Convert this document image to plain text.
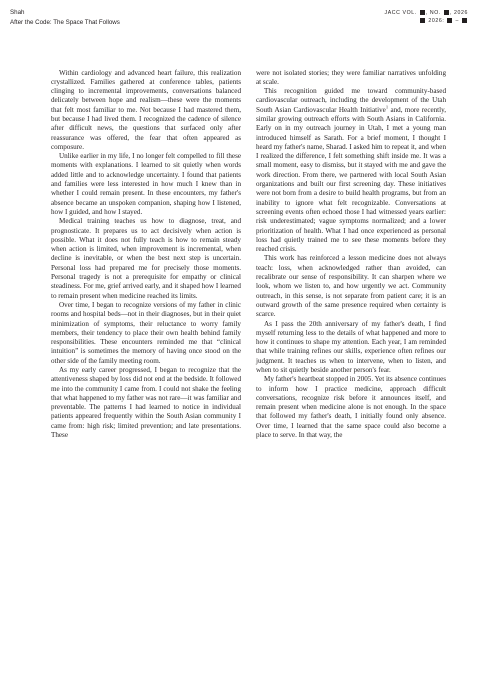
Shah
After the Code: The Space That Follows
JACC VOL. , NO. , 2026
2026:  –

Within cardiology and advanced heart failure, this realization crystallized. Families gathered at conference tables, patients clinging to incremental improvements, conversations balanced delicately between hope and realism—these were the moments that felt most familiar to me. Not because I had mastered them, but because I had lived them. I recognized the cadence of silence after difficult news, the questions that surfaced only after reassurance was offered, the fear that often appeared as composure.

Unlike earlier in my life, I no longer felt compelled to fill these moments with explanations. I learned to sit quietly when words added little and to acknowledge uncertainty. I found that patients and families were less interested in how much I knew than in whether I could remain present. In these encounters, my father's absence became an unspoken companion, shaping how I listened, how I guided, and how I stayed.

Medical training teaches us how to diagnose, treat, and prognosticate. It prepares us to act decisively when action is possible. What it does not fully teach is how to remain steady when action is limited, when improvement is incremental, when decline is inevitable, or when the best next step is uncertain. Personal loss had prepared me for precisely those moments. Personal tragedy is not a prerequisite for empathy or clinical steadiness. For me, grief arrived early, and it shaped how I learned to remain present when medicine reached its limits.

Over time, I began to recognize versions of my father in clinic rooms and hospital beds—not in their diagnoses, but in their quiet minimization of symptoms, their reluctance to worry family members, their tendency to place their own health behind family responsibilities. These encounters reminded me that “clinical intuition” is sometimes the memory of having once stood on the other side of the family meeting room.

As my early career progressed, I began to recognize that the attentiveness shaped by loss did not end at the bedside. It followed me into the community I came from. I could not shake the feeling that what happened to my father was not rare—it was familiar and preventable. The patterns I had learned to notice in individual patients appeared frequently within the South Asian community I came from: high risk; limited prevention; and late presentations. These

were not isolated stories; they were familiar narratives unfolding at scale.

This recognition guided me toward community-based cardiovascular outreach, including the development of the Utah South Asian Cardiovascular Health Initiative$^1$ and, more recently, similar growing outreach efforts with South Asians in California. Early on in my outreach journey in Utah, I met a young man introduced himself as Sarath. For a brief moment, I thought I heard my father's name, Sharad. I asked him to repeat it, and when I realized the difference, I felt something shift inside me. It was a small moment, easy to dismiss, but it stayed with me and gave the work direction. From there, we partnered with local South Asian organizations and built our first screening day. These initiatives were not born from a desire to build health programs, but from an inability to ignore what felt recognizable. Conversations at screening events often echoed those I had witnessed years earlier: risk underestimated; vague symptoms normalized; and a lower prioritization of health. What I had once experienced as personal loss had quietly trained me to see these moments before they reached crisis.

This work has reinforced a lesson medicine does not always teach: loss, when acknowledged rather than avoided, can recalibrate our sense of responsibility. It can sharpen where we look, whom we listen to, and how urgently we act. Community outreach, in this sense, is not separate from patient care; it is an outward growth of the same presence required when certainty is scarce.

As I pass the 20th anniversary of my father's death, I find myself returning less to the details of what happened and more to how it continues to shape my attention. Each year, I am reminded that while training refines our skills, experience often refines our judgment. It teaches us when to intervene, when to listen, and when to sit quietly beside another person's fear.

My father's heartbeat stopped in 2005. Yet its absence continues to inform how I practice medicine, approach difficult conversations, recognize risk before it announces itself, and remain present when medicine alone is not enough. In the space that followed my father's death, I initially found only absence. Over time, I learned that the same space could also become a place to serve. In that way, the
